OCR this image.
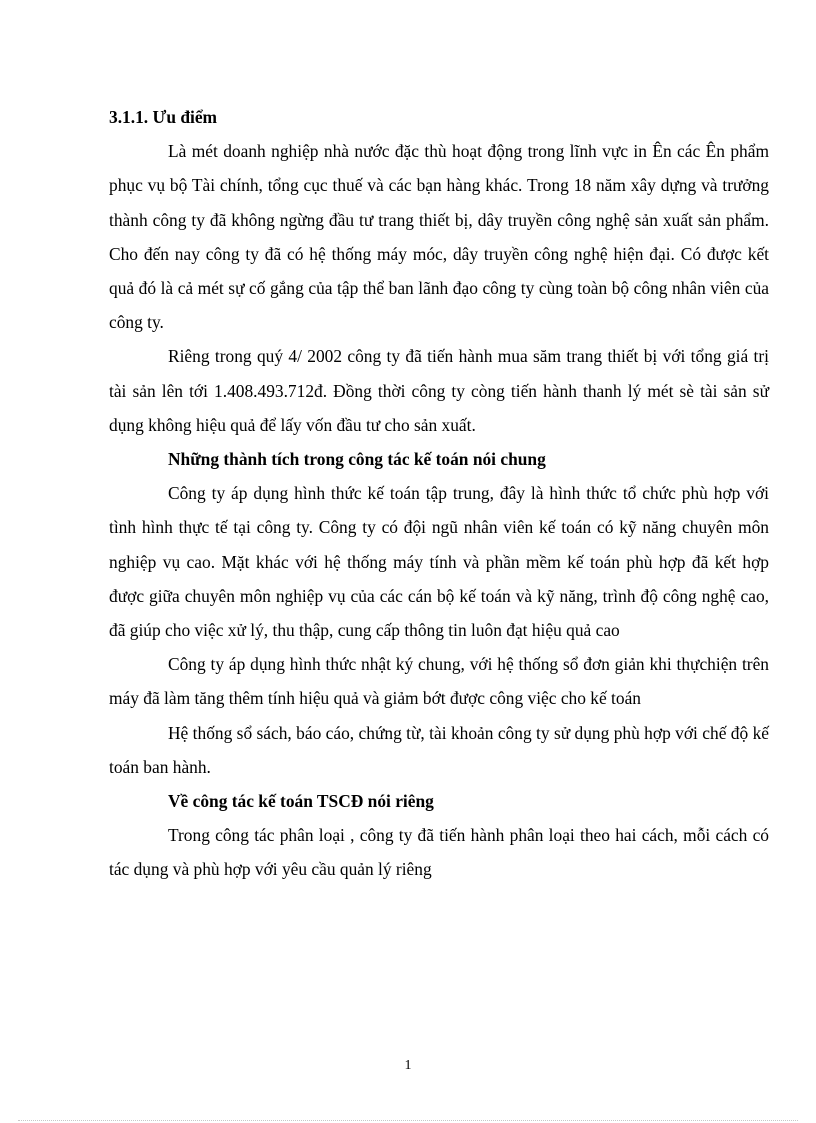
3.1.1. Ưu điểm

Là mét doanh nghiệp nhà nước đặc thù hoạt động trong lĩnh vực in Ên các Ên phẩm phục vụ bộ Tài chính, tổng cục thuế và các bạn hàng khác. Trong 18 năm xây dựng và trưởng thành công ty đã không ngừng đầu tư trang thiết bị, dây truyền công nghệ sản xuất sản phẩm. Cho đến nay công ty đã có hệ thống máy móc, dây truyền công nghệ hiện đại. Có được kết quả đó là cả mét sự cố gắng của tập thể ban lãnh đạo công ty cùng toàn bộ công nhân viên của công ty.

Riêng trong quý 4/ 2002 công ty đã tiến hành mua săm trang thiết bị với tổng giá trị tài sản lên tới 1.408.493.712đ. Đồng thời công ty còng tiến hành thanh lý mét sè tài sản sử dụng không hiệu quả để lấy vốn đầu tư cho sản xuất.

Những thành tích trong công tác kế toán nói chung

Công ty áp dụng hình thức kế toán tập trung, đây là hình thức tổ chức phù hợp với tình hình thực tế tại công ty. Công ty có đội ngũ nhân viên kế toán có kỹ năng chuyên môn nghiệp vụ cao. Mặt khác với hệ thống máy tính và phần mềm kế toán phù hợp đã kết hợp được giữa chuyên môn nghiệp vụ của các cán bộ kế toán và kỹ năng, trình độ công nghệ cao, đã giúp cho việc xử lý, thu thập, cung cấp thông tin luôn đạt hiệu quả cao

Công ty áp dụng hình thức nhật ký chung, với hệ thống sổ đơn giản khi thựchiện trên máy đã làm tăng thêm tính hiệu quả và giảm bớt được công việc cho kế toán

Hệ thống sổ sách, báo cáo, chứng từ, tài khoản công ty sử dụng phù hợp với chế độ kế toán ban hành.

Về công tác kế toán TSCĐ nói riêng

Trong công tác phân loại , công ty đã tiến hành phân loại theo hai cách, mỗi cách có tác dụng và phù hợp với yêu cầu quản lý riêng

1
